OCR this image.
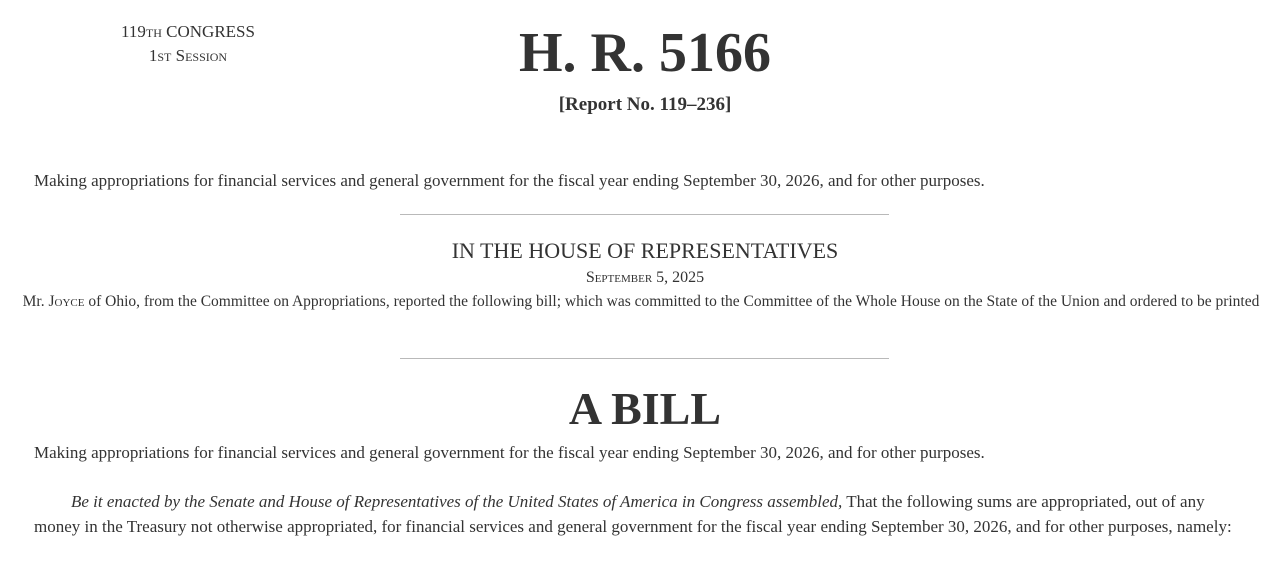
119th CONGRESS
1st Session	H. R. 5166
[Report No. 119–236]
Making appropriations for financial services and general government for the fiscal year ending September 30, 2026, and for other purposes.
IN THE HOUSE OF REPRESENTATIVES
September 5, 2025
Mr. Joyce of Ohio, from the Committee on Appropriations, reported the following bill; which was committed to the Committee of the Whole House on the State of the Union and ordered to be printed
A BILL
Making appropriations for financial services and general government for the fiscal year ending September 30, 2026, and for other purposes.
Be it enacted by the Senate and House of Representatives of the United States of America in Congress assembled, That the following sums are appropriated, out of any money in the Treasury not otherwise appropriated, for financial services and general government for the fiscal year ending September 30, 2026, and for other purposes, namely:
